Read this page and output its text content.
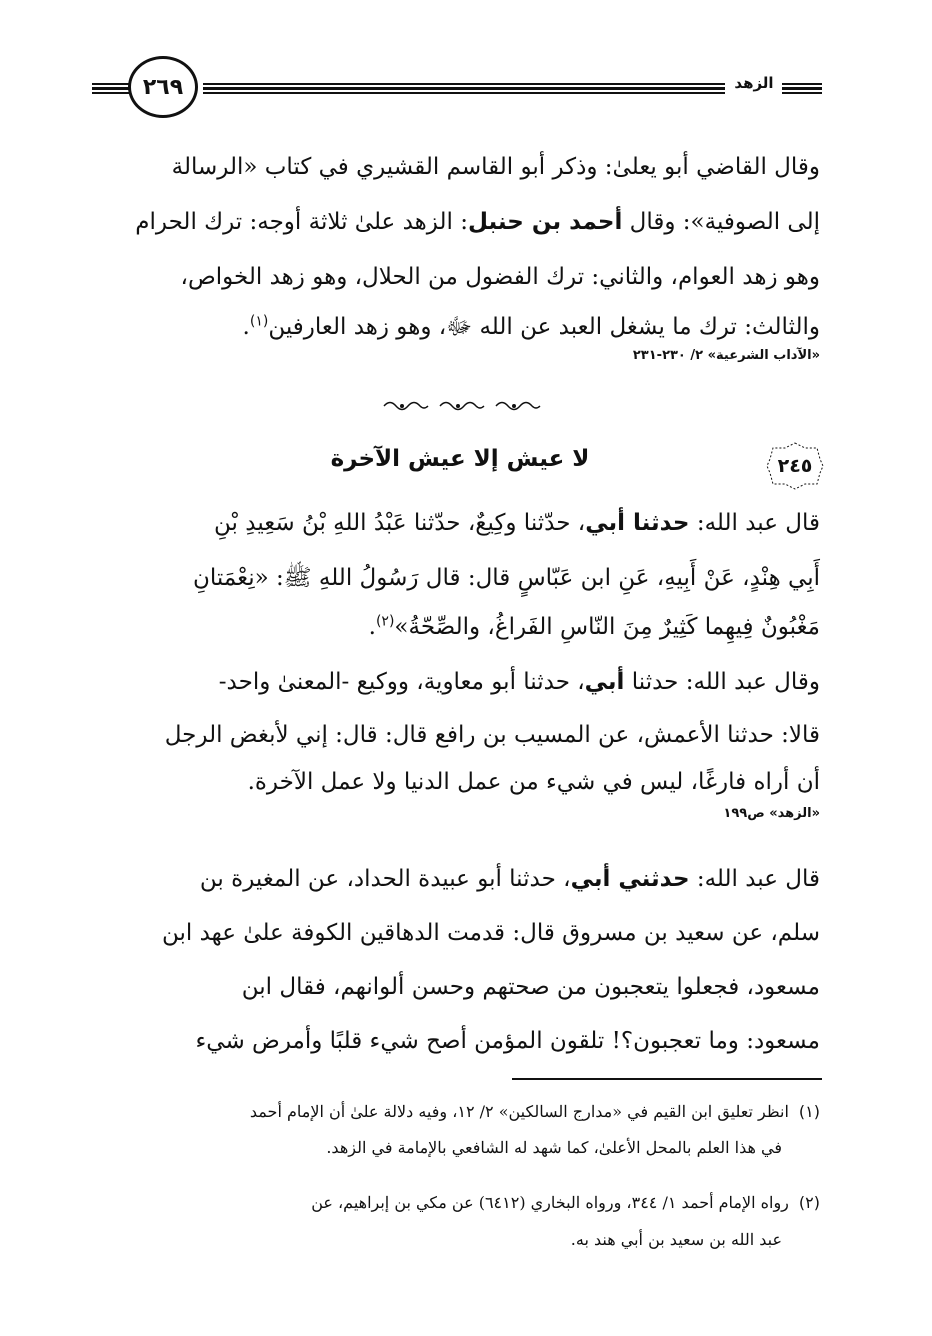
٢٦٩	الزهد
وقال القاضي أبو يعلىٰ: وذكر أبو القاسم القشيري في كتاب «الرسالة
إلى الصوفية»: وقال أحمد بن حنبل: الزهد علىٰ ثلاثة أوجه: ترك الحرام
وهو زهد العوام، والثاني: ترك الفضول من الحلال، وهو زهد الخواص،
والثالث: ترك ما يشغل العبد عن الله ﷻ، وهو زهد العارفين$^{(١)}$.
«الآداب الشرعية» ٢/ ٢٣٠-٢٣١
٢٤٥
لا عيش إلا عيش الآخرة
قال عبد الله: حدثنا أبي، حدّثنا وكِيعٌ، حدّثنا عَبْدُ اللهِ بْنُ سَعِيدِ بْنِ
أَبِي هِنْدٍ، عَنْ أَبِيهِ، عَنِ ابن عَبّاسٍ قال: قال رَسُولُ اللهِ ﷺ: «نِعْمَتانِ
مَغْبُونٌ فِيهِما كَثِيرٌ مِنَ النّاسِ الفَراغُ، والصِّحّةُ»$^{(٢)}$.
وقال عبد الله: حدثنا أبي، حدثنا أبو معاوية، ووكيع -المعنىٰ واحد-
قالا: حدثنا الأعمش، عن المسيب بن رافع قال: قال: إني لأبغض الرجل
أن أراه فارغًا، ليس في شيء من عمل الدنيا ولا عمل الآخرة.
«الزهد» ص١٩٩
قال عبد الله: حدثني أبي، حدثنا أبو عبيدة الحداد، عن المغيرة بن
سلم، عن سعيد بن مسروق قال: قدمت الدهاقين الكوفة علىٰ عهد ابن
مسعود، فجعلوا يتعجبون من صحتهم وحسن ألوانهم، فقال ابن
مسعود: وما تعجبون؟! تلقون المؤمن أصح شيء قلبًا وأمرض شيء
(١)انظر تعليق ابن القيم في «مدارج السالكين» ٢/ ١٢، وفيه دلالة علىٰ أن الإمام أحمد
في هذا العلم بالمحل الأعلىٰ، كما شهد له الشافعي بالإمامة في الزهد.
(٢)رواه الإمام أحمد ١/ ٣٤٤، ورواه البخاري (٦٤١٢) عن مكي بن إبراهيم، عن
عبد الله بن سعيد بن أبي هند به.
